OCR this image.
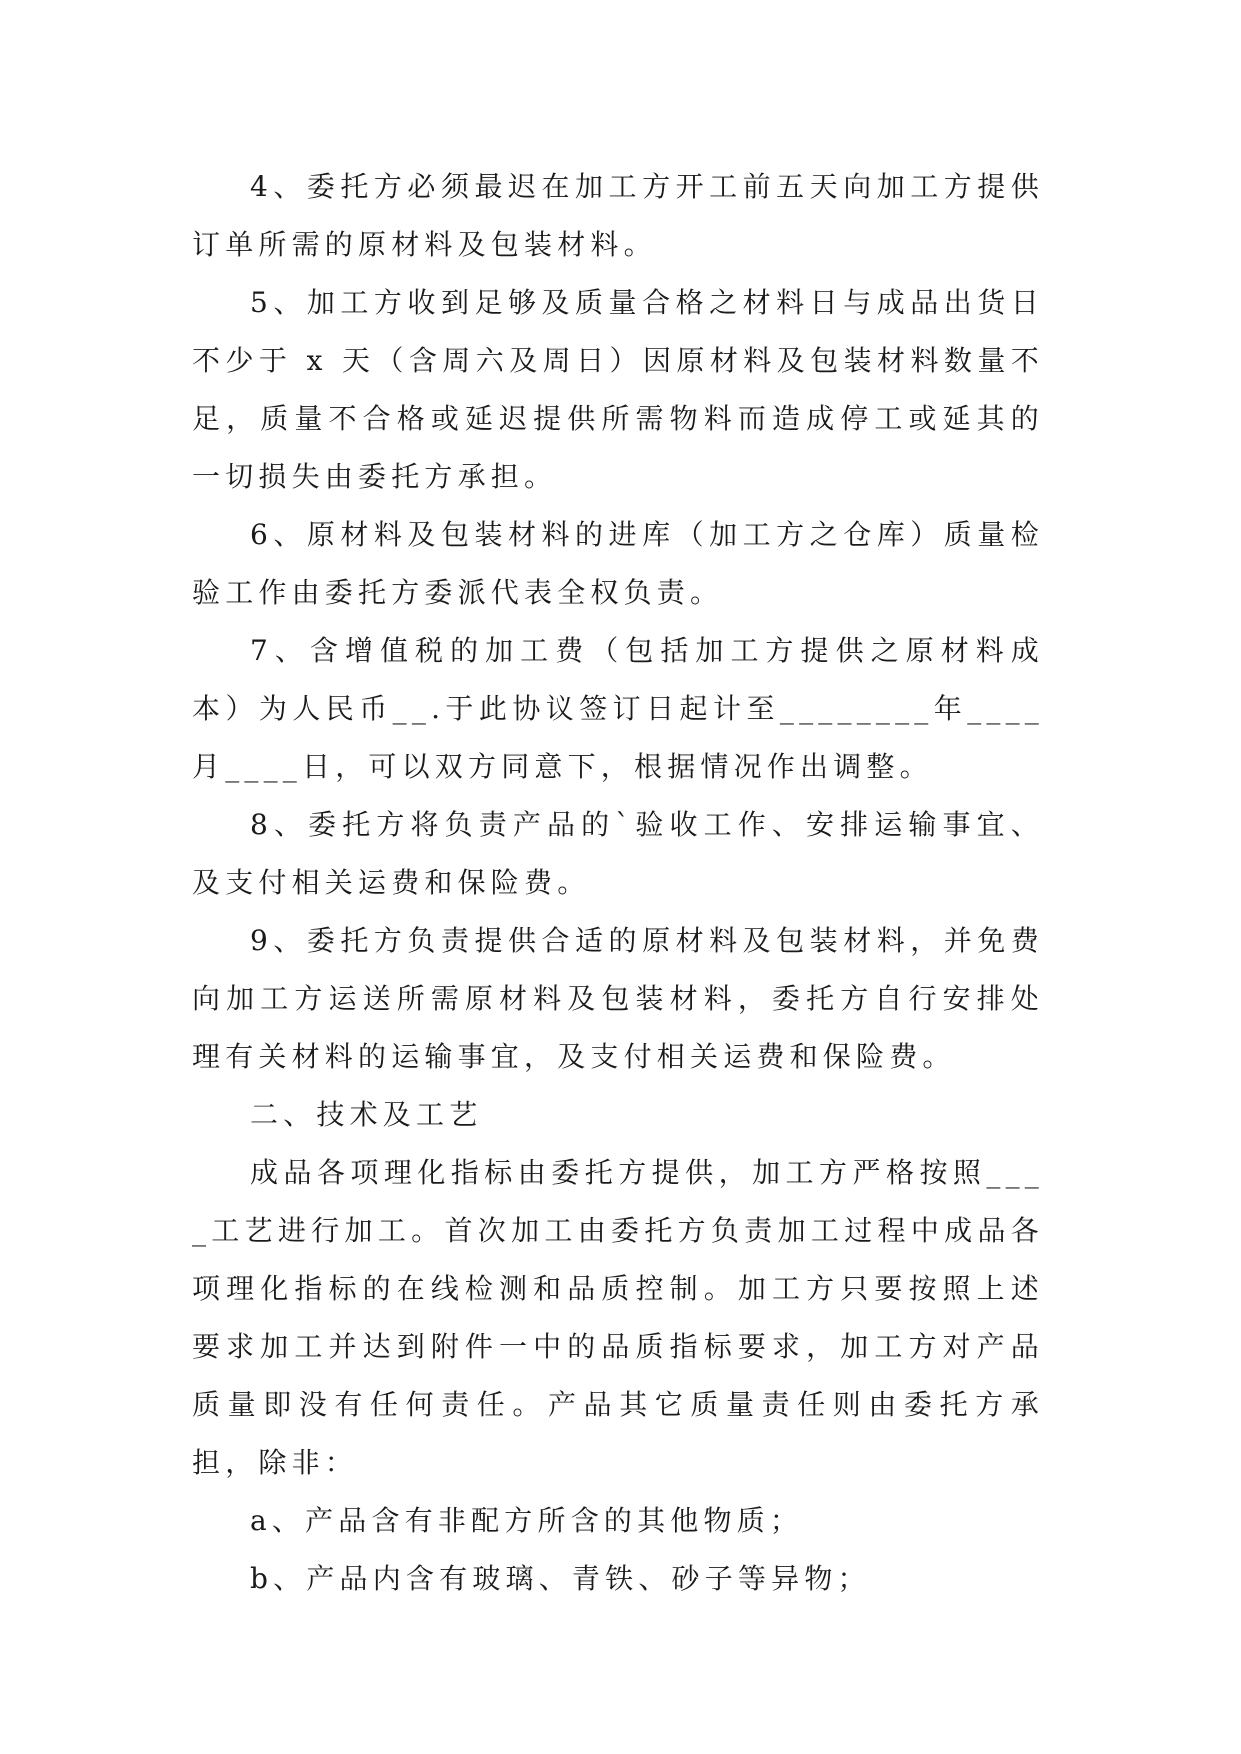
4、委托方必须最迟在加工方开工前五天向加工方提供订单所需的原材料及包装材料。

5、加工方收到足够及质量合格之材料日与成品出货日不少于 x 天（含周六及周日）因原材料及包装材料数量不足，质量不合格或延迟提供所需物料而造成停工或延其的一切损失由委托方承担。

6、原材料及包装材料的进库（加工方之仓库）质量检验工作由委托方委派代表全权负责。

7、含增值税的加工费（包括加工方提供之原材料成本）为人民币__.于此协议签订日起计至________年____月____日，可以双方同意下，根据情况作出调整。

8、委托方将负责产品的`验收工作、安排运输事宜、及支付相关运费和保险费。

9、委托方负责提供合适的原材料及包装材料，并免费向加工方运送所需原材料及包装材料，委托方自行安排处理有关材料的运输事宜，及支付相关运费和保险费。

二、技术及工艺

成品各项理化指标由委托方提供，加工方严格按照____工艺进行加工。首次加工由委托方负责加工过程中成品各项理化指标的在线检测和品质控制。加工方只要按照上述要求加工并达到附件一中的品质指标要求，加工方对产品质量即没有任何责任。产品其它质量责任则由委托方承担，除非：

a、产品含有非配方所含的其他物质；

b、产品内含有玻璃、青铁、砂子等异物；
